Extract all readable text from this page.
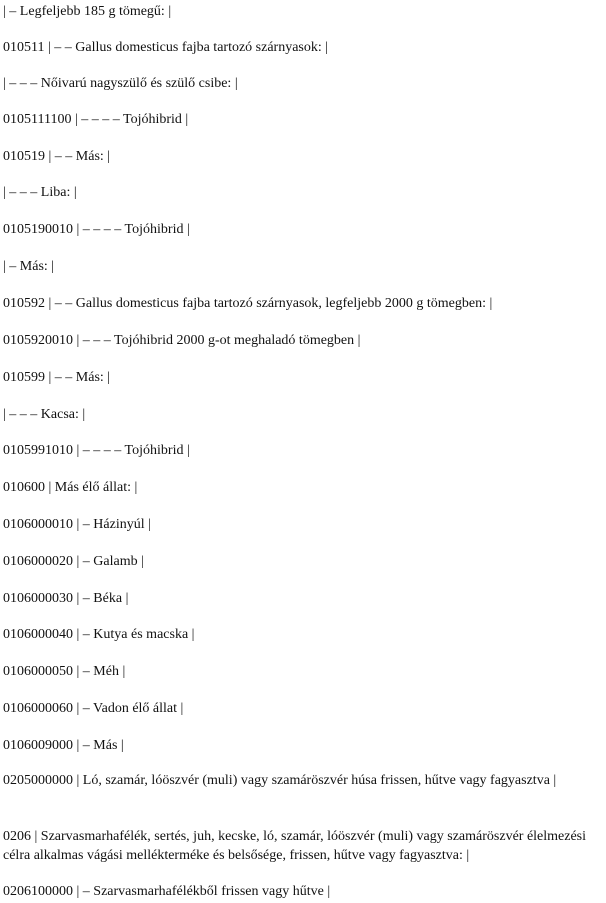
| – Legfeljebb 185 g tömegű: |
010511 | – – Gallus domesticus fajba tartozó szárnyasok: |
| – – – Nőivarú nagyszülő és szülő csibe: |
0105111100 | – – – – Tojóhibrid |
010519 | – – Más: |
| – – – Liba: |
0105190010 | – – – – Tojóhibrid |
| – Más: |
010592 | – – Gallus domesticus fajba tartozó szárnyasok, legfeljebb 2000 g tömegben: |
0105920010 | – – – Tojóhibrid 2000 g-ot meghaladó tömegben |
010599 | – – Más: |
| – – – Kacsa: |
0105991010 | – – – – Tojóhibrid |
010600 | Más élő állat: |
0106000010 | – Házinyúl |
0106000020 | – Galamb |
0106000030 | – Béka |
0106000040 | – Kutya és macska |
0106000050 | – Méh |
0106000060 | – Vadon élő állat |
0106009000 | – Más |
0205000000 | Ló, szamár, lóöszvér (muli) vagy szamáröszvér húsa frissen, hűtve vagy fagyasztva |
0206 | Szarvasmarhafélék, sertés, juh, kecske, ló, szamár, lóöszvér (muli) vagy szamáröszvér élelmezési célra alkalmas vágási mellékterméke és belsősége, frissen, hűtve vagy fagyasztva: |
0206100000 | – Szarvasmarhafélékből frissen vagy hűtve |
